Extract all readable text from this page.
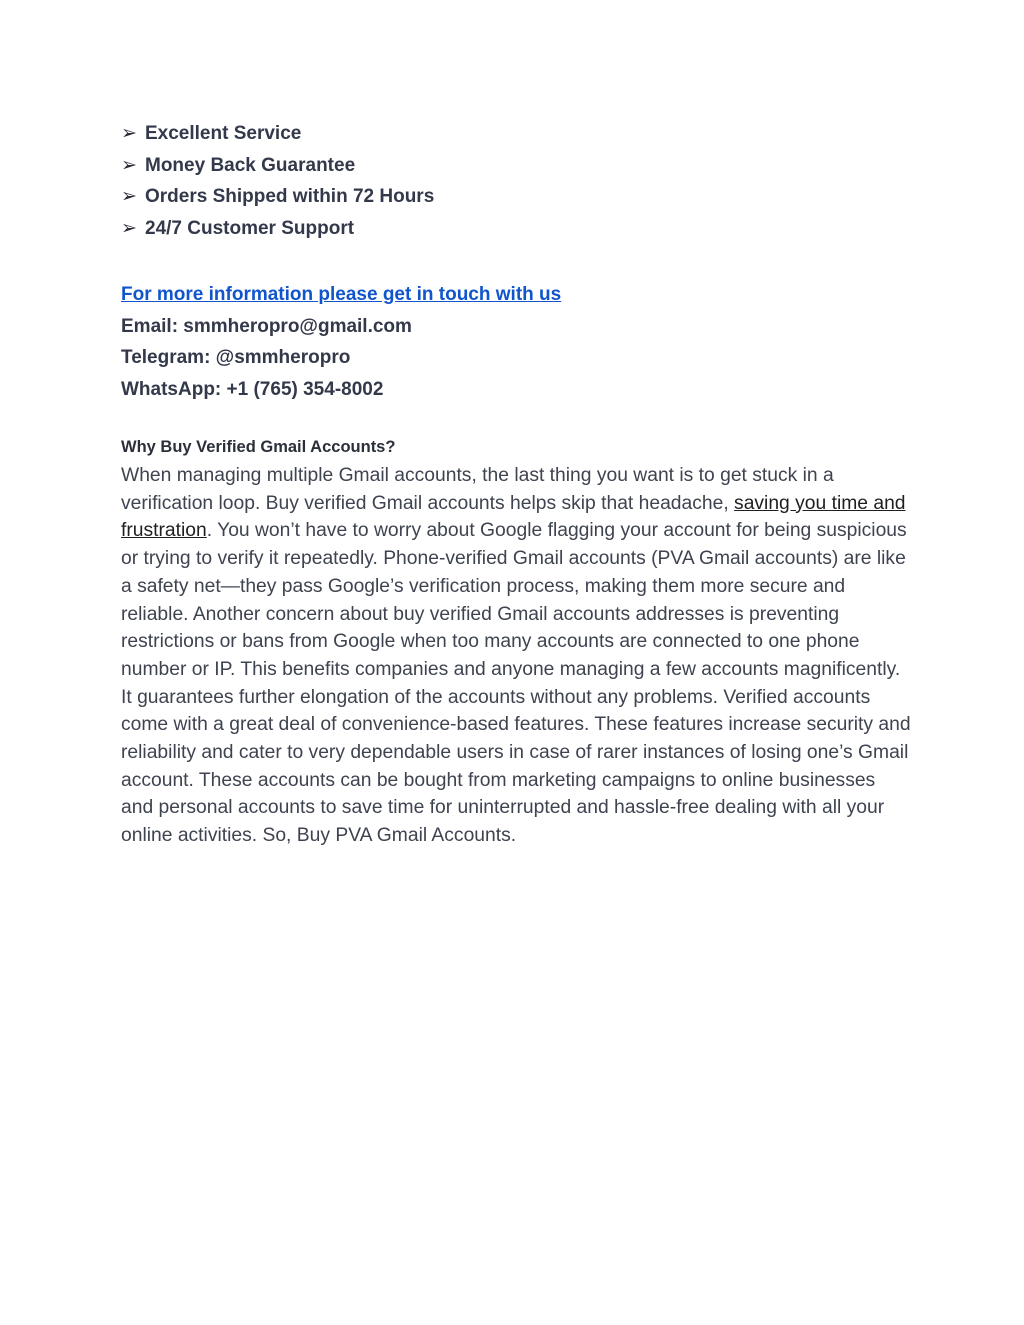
➢ Excellent Service
➢ Money Back Guarantee
➢ Orders Shipped within 72 Hours
➢ 24/7 Customer Support
For more information please get in touch with us
Email: smmheropro@gmail.com
Telegram: @smmheropro
WhatsApp: +1 (765) 354-8002
Why Buy Verified Gmail Accounts?

When managing multiple Gmail accounts, the last thing you want is to get stuck in a verification loop. Buy verified Gmail accounts helps skip that headache, saving you time and frustration. You won’t have to worry about Google flagging your account for being suspicious or trying to verify it repeatedly. Phone-verified Gmail accounts (PVA Gmail accounts) are like a safety net—they pass Google’s verification process, making them more secure and reliable. Another concern about buy verified Gmail accounts addresses is preventing restrictions or bans from Google when too many accounts are connected to one phone number or IP. This benefits companies and anyone managing a few accounts magnificently. It guarantees further elongation of the accounts without any problems. Verified accounts come with a great deal of convenience-based features. These features increase security and reliability and cater to very dependable users in case of rarer instances of losing one’s Gmail account. These accounts can be bought from marketing campaigns to online businesses and personal accounts to save time for uninterrupted and hassle-free dealing with all your online activities. So, Buy PVA Gmail Accounts.
